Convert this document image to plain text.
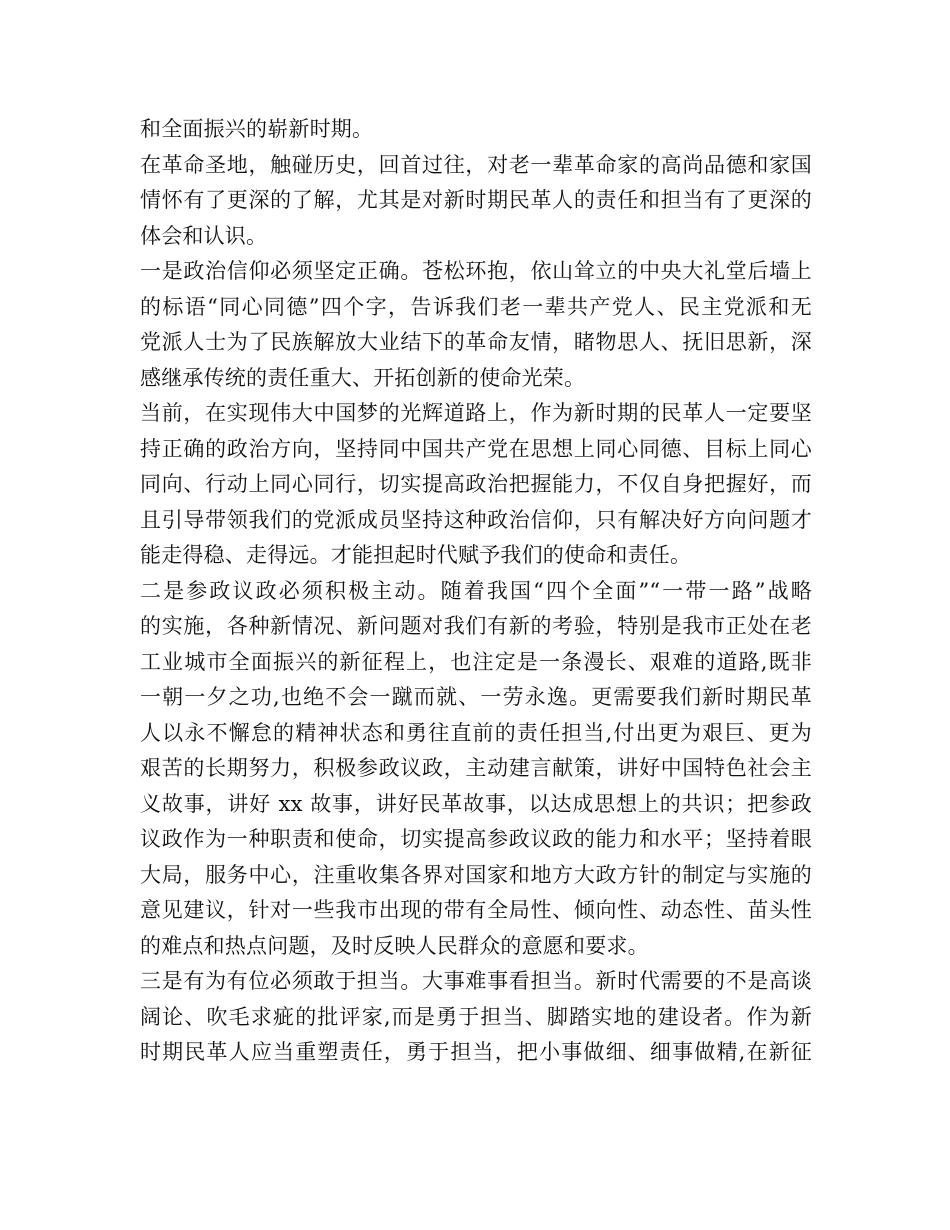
和全面振兴的崭新时期。
在革命圣地，触碰历史，回首过往，对老一辈革命家的高尚品德和家国
情怀有了更深的了解，尤其是对新时期民革人的责任和担当有了更深的
体会和认识。
一是政治信仰必须坚定正确。苍松环抱，依山耸立的中央大礼堂后墙上
的标语“同心同德”四个字，告诉我们老一辈共产党人、民主党派和无
党派人士为了民族解放大业结下的革命友情，睹物思人、抚旧思新，深
感继承传统的责任重大、开拓创新的使命光荣。
当前，在实现伟大中国梦的光辉道路上，作为新时期的民革人一定要坚
持正确的政治方向，坚持同中国共产党在思想上同心同德、目标上同心
同向、行动上同心同行，切实提高政治把握能力，不仅自身把握好，而
且引导带领我们的党派成员坚持这种政治信仰，只有解决好方向问题才
能走得稳、走得远。才能担起时代赋予我们的使命和责任。
二是参政议政必须积极主动。随着我国“四个全面”“一带一路”战略
的实施，各种新情况、新问题对我们有新的考验，特别是我市正处在老
工业城市全面振兴的新征程上，也注定是一条漫长、艰难的道路,既非
一朝一夕之功,也绝不会一蹴而就、一劳永逸。更需要我们新时期民革
人以永不懈怠的精神状态和勇往直前的责任担当,付出更为艰巨、更为
艰苦的长期努力，积极参政议政，主动建言献策，讲好中国特色社会主
义故事，讲好 xx 故事，讲好民革故事，以达成思想上的共识；把参政
议政作为一种职责和使命，切实提高参政议政的能力和水平；坚持着眼
大局，服务中心，注重收集各界对国家和地方大政方针的制定与实施的
意见建议，针对一些我市出现的带有全局性、倾向性、动态性、苗头性
的难点和热点问题，及时反映人民群众的意愿和要求。
三是有为有位必须敢于担当。大事难事看担当。新时代需要的不是高谈
阔论、吹毛求疵的批评家,而是勇于担当、脚踏实地的建设者。作为新
时期民革人应当重塑责任，勇于担当，把小事做细、细事做精,在新征
